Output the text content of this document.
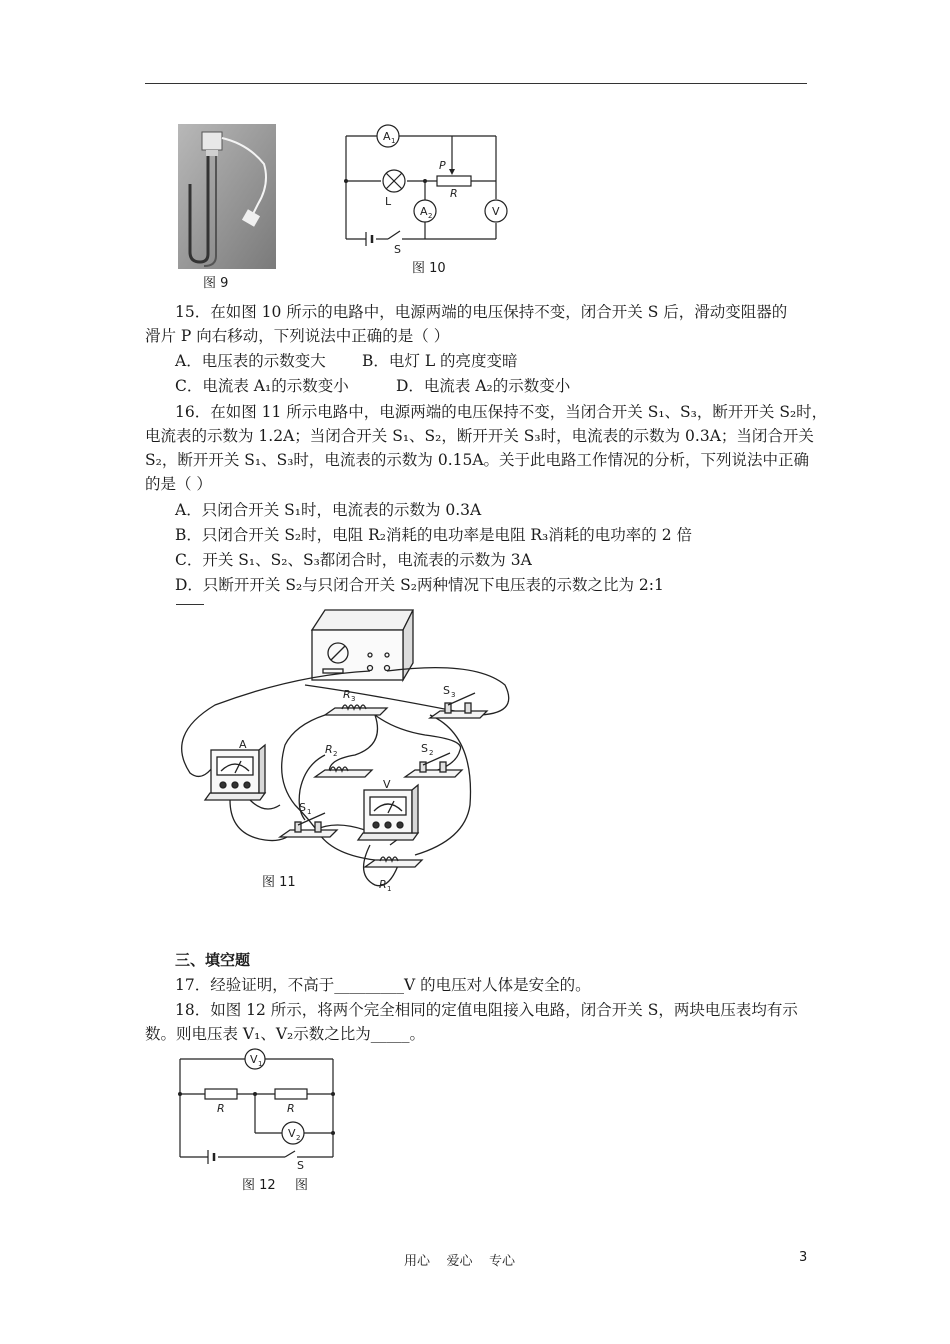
图 9
A 1
A 2	V
P
R
L
S
图 10
15．在如图 10 所示的电路中，电源两端的电压保持不变，闭合开关 S 后，滑动变阻器的
滑片 P 向右移动，下列说法中正确的是（ ）
A．电压表的示数变大 B．电灯 L 的亮度变暗
C．电流表 A₁的示数变小	D．电流表 A₂的示数变小
16．在如图 11 所示电路中，电源两端的电压保持不变，当闭合开关 S₁、S₃，断开开关 S₂时，
电流表的示数为 1.2A；当闭合开关 S₁、S₂，断开开关 S₃时，电流表的示数为 0.3A；当闭合开关
S₂，断开开关 S₁、S₃时，电流表的示数为 0.15A。关于此电路工作情况的分析，下列说法中正确
的是（ ）
A．只闭合开关 S₁时，电流表的示数为 0.3A
B．只闭合开关 S₂时，电阻 R₂消耗的电功率是电阻 R₃消耗的电功率的 2 倍
C．开关 S₁、S₂、S₃都闭合时，电流表的示数为 3A
D．只断开开关 S₂与只闭合开关 S₂两种情况下电压表的示数之比为 2:1
A
V
R 3
R 2
R 1
S 3
S 2
S 1
图 11
三、填空题
17．经验证明，不高于_________V 的电压对人体是安全的。
18．如图 12 所示，将两个完全相同的定值电阻接入电路，闭合开关 S，两块电压表均有示
数。则电压表 V₁、V₂示数之比为_____。
V 1
V 2
R	R
S
图 12 图
用心    爱心    专心	3
